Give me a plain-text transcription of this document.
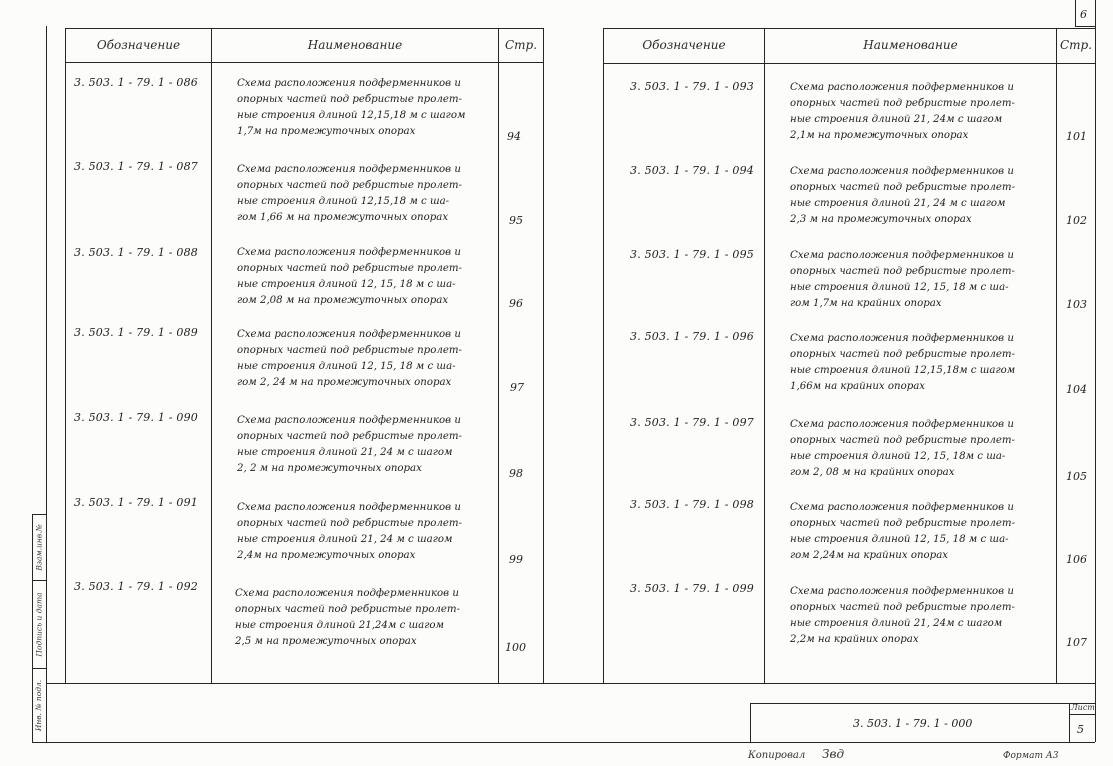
Инв. № подл.
Подпись и дата
Взам.инв.№
6
Обозначение	Наименование	Стр.	Обозначение	Наименование	Стр.
3. 503. 1 - 79. 1 - 086	Схема расположения подферменников и
опорных частей под ребристые пролет-
ные строения длиной 12,15,18 м с шагом
1,7м на промежуточных опорах	94
3. 503. 1 - 79. 1 - 087	Схема расположения подферменников и
опорных частей под ребристые пролет-
ные строения длиной 12,15,18 м с ша-
гом 1,66 м на промежуточных опорах	95
3. 503. 1 - 79. 1 - 088	Схема расположения подферменников и
опорных частей под ребристые пролет-
ные строения длиной 12, 15, 18 м с ша-
гом 2,08 м на промежуточных опорах	96
3. 503. 1 - 79. 1 - 089	Схема расположения подферменников и
опорных частей под ребристые пролет-
ные строения длиной 12, 15, 18 м с ша-
гом 2, 24 м на промежуточных опорах	97
3. 503. 1 - 79. 1 - 090	Схема расположения подферменников и
опорных частей под ребристые пролет-
ные строения длиной 21, 24 м с шагом
2, 2 м на промежуточных опорах	98
3. 503. 1 - 79. 1 - 091	Схема расположения подферменников и
опорных частей под ребристые пролет-
ные строения длиной 21, 24 м с шагом
2,4м на промежуточных опорах	99
3. 503. 1 - 79. 1 - 092
Схема расположения подферменников и
опорных частей под ребристые пролет-
ные строения длиной 21,24м с шагом
2,5 м на промежуточных опорах	100
3. 503. 1 - 79. 1 - 093	Схема расположения подферменников и
опорных частей под ребристые пролет-
ные строения длиной 21, 24м с шагом
2,1м на промежуточных опорах	101
3. 503. 1 - 79. 1 - 094	Схема расположения подферменников и
опорных частей под ребристые пролет-
ные строения длиной 21, 24 м с шагом
2,3 м на промежуточных опорах	102
3. 503. 1 - 79. 1 - 095	Схема расположения подферменников и
опорных частей под ребристые пролет-
ные строения длиной 12, 15, 18 м с ша-
гом 1,7м на крайних опорах	103
3. 503. 1 - 79. 1 - 096	Схема расположения подферменников и
опорных частей под ребристые пролет-
ные строения длиной 12,15,18м с шагом
1,66м на крайних опорах	104
3. 503. 1 - 79. 1 - 097	Схема расположения подферменников и
опорных частей под ребристые пролет-
ные строения длиной 12, 15, 18м с ша-
гом 2, 08 м на крайних опорах	105
3. 503. 1 - 79. 1 - 098	Схема расположения подферменников и
опорных частей под ребристые пролет-
ные строения длиной 12, 15, 18 м с ша-
гом 2,24м на крайних опорах	106
3. 503. 1 - 79. 1 - 099	Схема расположения подферменников и
опорных частей под ребристые пролет-
ные строения длиной 21, 24м с шагом
2,2м на крайних опорах	107
3. 503. 1 - 79. 1 - 000
Лист
5
Копировал Звд	Формат А3
